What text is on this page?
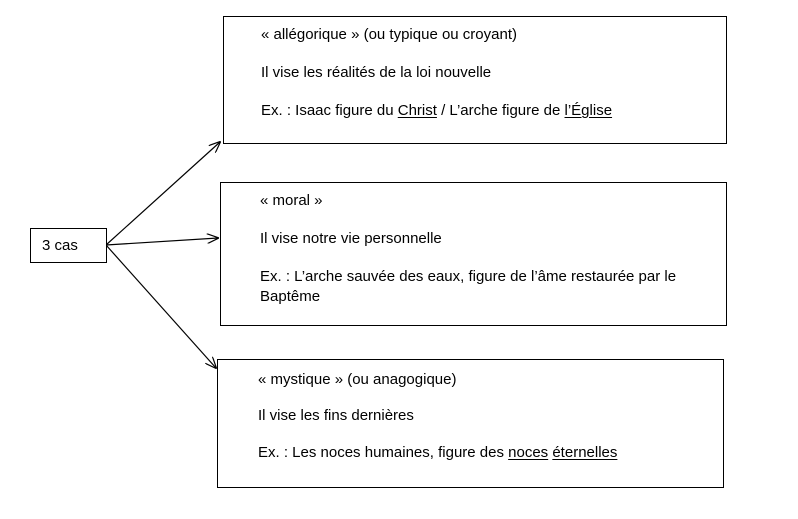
3 cas
« allégorique » (ou typique ou croyant)
Il vise les réalités de la loi nouvelle
Ex. : Isaac figure du Christ / L’arche figure de l’Église
« moral »
Il vise notre vie personnelle
Ex. : L’arche sauvée des eaux, figure de l’âme restaurée par le Baptême
« mystique » (ou anagogique)
Il vise les fins dernières
Ex. : Les noces humaines, figure des noces éternelles
